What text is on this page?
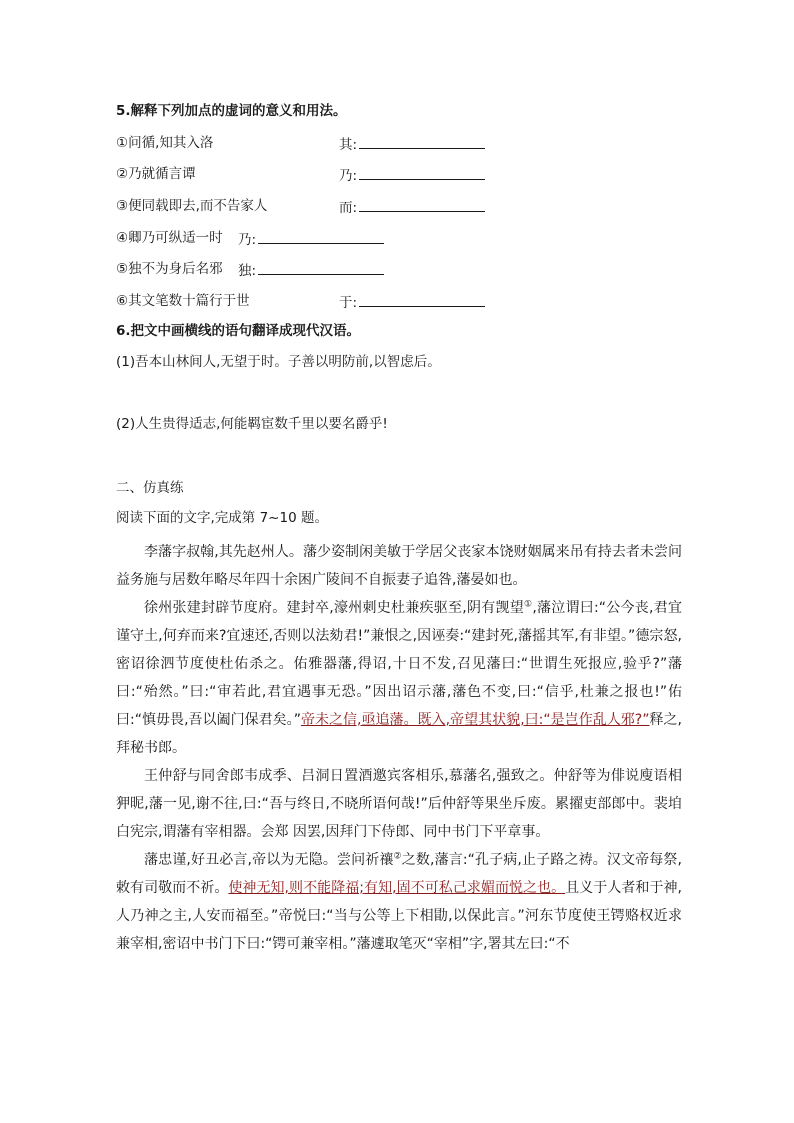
5.解释下列加点的虚词的意义和用法。
①问循,知其入洛	其:
②乃就循言谭	乃:
③便同载即去,而不告家人	而:
④卿乃可纵适一时 乃:
⑤独不为身后名邪 独:
⑥其文笔数十篇行于世	于:
6.把文中画横线的语句翻译成现代汉语。
(1)吾本山林间人,无望于时。子善以明防前,以智虑后。
(2)人生贵得适志,何能羁宦数千里以要名爵乎!
二、仿真练
阅读下面的文字,完成第 7~10 题。

李藩字叔翰,其先赵州人。藩少姿制闲美敏于学居父丧家本饶财姻属来吊有持去者未尝问益务施与居数年略尽年四十余困广陵间不自振妻子追咎,藩晏如也。

徐州张建封辟节度府。建封卒,濠州刺史杜兼疾驱至,阴有觊望①,藩泣谓曰:“公今丧,君宜谨守土,何弃而来?宜速还,否则以法劾君!”兼恨之,因诬奏:“建封死,藩摇其军,有非望。”德宗怒,密诏徐泗节度使杜佑杀之。佑雅器藩,得诏,十日不发,召见藩曰:“世谓生死报应,验乎?”藩曰:“殆然。”曰:“审若此,君宜遇事无恐。”因出诏示藩,藩色不变,曰:“信乎,杜兼之报也!”佑曰:“慎毋畏,吾以阖门保君矣。”帝未之信,亟追藩。既入,帝望其状貌,曰:“是岂作乱人邪?”释之,拜秘书郎。

王仲舒与同舍郎韦成季、吕洞日置酒邀宾客相乐,慕藩名,强致之。仲舒等为俳说廋语相狎昵,藩一见,谢不往,曰:“吾与终日,不晓所语何哉!”后仲舒等果坐斥废。累擢吏部郎中。裴垍白宪宗,谓藩有宰相器。会郑 因罢,因拜门下侍郎、同中书门下平章事。

藩忠谨,好丑必言,帝以为无隐。尝问祈禳②之数,藩言:“孔子病,止子路之祷。汉文帝每祭,敕有司敬而不祈。使神无知,则不能降福;有知,固不可私己求媚而悦之也。且义于人者和于神,人乃神之主,人安而福至。”帝悦曰:“当与公等上下相勖,以保此言。”河东节度使王锷赂权近求兼宰相,密诏中书门下曰:“锷可兼宰相。”藩遽取笔灭“宰相”字,署其左曰:“不
